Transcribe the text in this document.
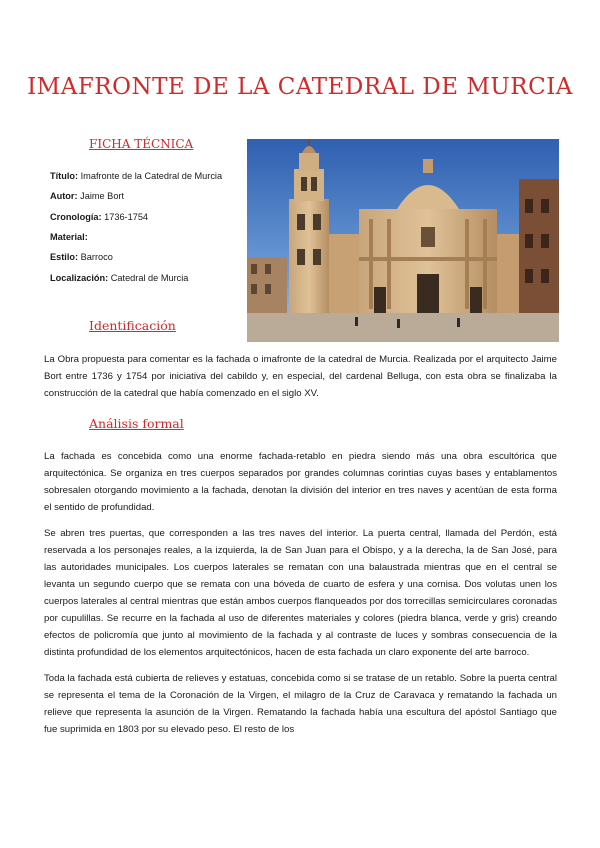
IMAFRONTE DE LA CATEDRAL DE MURCIA
FICHA TÉCNICA
Título: Imafronte de la Catedral de Murcia
Autor: Jaime Bort
Cronología: 1736-1754
Material:
Estilo: Barroco
Localización: Catedral de Murcia
Identificación

La Obra propuesta para comentar es la fachada o imafronte de la catedral de Murcia. Realizada por el arquitecto Jaime Bort entre 1736 y 1754 por iniciativa del cabildo y, en especial, del cardenal Belluga, con esta obra se finalizaba la construcción de la catedral que había comenzado en el siglo XV.

Análisis formal

La fachada es concebida como una enorme fachada-retablo en piedra siendo más una obra escultórica que arquitectónica. Se organiza en tres cuerpos separados por grandes columnas corintias cuyas bases y entablamentos sobresalen otorgando movimiento a la fachada, denotan la división del interior en tres naves y acentúan de esta forma el sentido de profundidad.

Se abren tres puertas, que corresponden a las tres naves del interior. La puerta central, llamada del Perdón, está reservada a los personajes reales, a la izquierda, la de San Juan para el Obispo, y a la derecha, la de San José, para las autoridades municipales. Los cuerpos laterales se rematan con una balaustrada mientras que en el central se levanta un segundo cuerpo que se remata con una bóveda de cuarto de esfera y una cornisa. Dos volutas unen los cuerpos laterales al central mientras que están ambos cuerpos flanqueados por dos torrecillas semicirculares coronadas por cupulillas. Se recurre en la fachada al uso de diferentes materiales y colores (piedra blanca, verde y gris) creando efectos de policromía que junto al movimiento de la fachada y al contraste de luces y sombras consecuencia de la distinta profundidad de los elementos arquitectónicos, hacen de esta fachada un claro exponente del arte barroco.

Toda la fachada está cubierta de relieves y estatuas, concebida como si se tratase de un retablo. Sobre la puerta central se representa el tema de la Coronación de la Virgen, el milagro de la Cruz de Caravaca y rematando la fachada un relieve que representa la asunción de la Virgen. Rematando la fachada había una escultura del apóstol Santiago que fue suprimida en 1803 por su elevado peso. El resto de los
